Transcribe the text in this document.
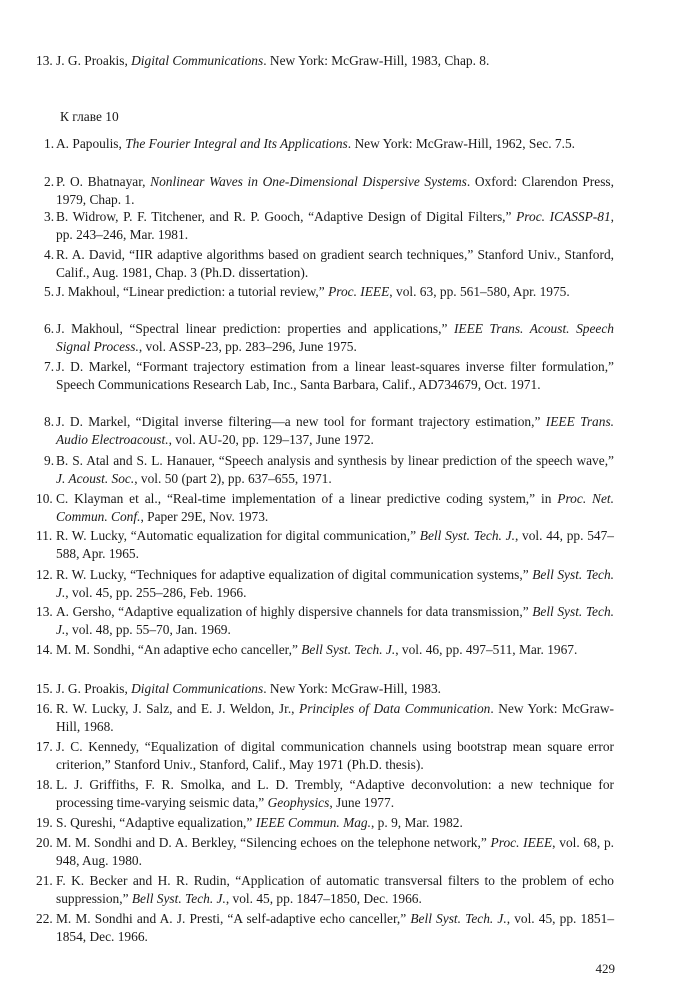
13. J. G. Proakis, Digital Communications. New York: McGraw-Hill, 1983, Chap. 8.
К главе 10
1. A. Papoulis, The Fourier Integral and Its Applications. New York: McGraw-Hill, 1962, Sec. 7.5.
2. P. O. Bhatnayar, Nonlinear Waves in One-Dimensional Dispersive Systems. Oxford: Clarendon Press, 1979, Chap. 1.
3. B. Widrow, P. F. Titchener, and R. P. Gooch, “Adaptive Design of Digital Filters,” Proc. ICASSP-81, pp. 243–246, Mar. 1981.
4. R. A. David, “IIR adaptive algorithms based on gradient search techniques,” Stanford Univ., Stanford, Calif., Aug. 1981, Chap. 3 (Ph.D. dissertation).
5. J. Makhoul, “Linear prediction: a tutorial review,” Proc. IEEE, vol. 63, pp. 561–580, Apr. 1975.
6. J. Makhoul, “Spectral linear prediction: properties and applications,” IEEE Trans. Acoust. Speech Signal Process., vol. ASSP-23, pp. 283–296, June 1975.
7. J. D. Markel, “Formant trajectory estimation from a linear least-squares inverse filter formulation,” Speech Communications Research Lab, Inc., Santa Barbara, Calif., AD734679, Oct. 1971.
8. J. D. Markel, “Digital inverse filtering—a new tool for formant trajectory estimation,” IEEE Trans. Audio Electroacoust., vol. AU-20, pp. 129–137, June 1972.
9. B. S. Atal and S. L. Hanauer, “Speech analysis and synthesis by linear prediction of the speech wave,” J. Acoust. Soc., vol. 50 (part 2), pp. 637–655, 1971.
10. C. Klayman et al., “Real-time implementation of a linear predictive coding system,” in Proc. Net. Commun. Conf., Paper 29E, Nov. 1973.
11. R. W. Lucky, “Automatic equalization for digital communication,” Bell Syst. Tech. J., vol. 44, pp. 547–588, Apr. 1965.
12. R. W. Lucky, “Techniques for adaptive equalization of digital communication systems,” Bell Syst. Tech. J., vol. 45, pp. 255–286, Feb. 1966.
13. A. Gersho, “Adaptive equalization of highly dispersive channels for data transmission,” Bell Syst. Tech. J., vol. 48, pp. 55–70, Jan. 1969.
14. M. M. Sondhi, “An adaptive echo canceller,” Bell Syst. Tech. J., vol. 46, pp. 497–511, Mar. 1967.
15. J. G. Proakis, Digital Communications. New York: McGraw-Hill, 1983.
16. R. W. Lucky, J. Salz, and E. J. Weldon, Jr., Principles of Data Communication. New York: McGraw-Hill, 1968.
17. J. C. Kennedy, “Equalization of digital communication channels using bootstrap mean square error criterion,” Stanford Univ., Stanford, Calif., May 1971 (Ph.D. thesis).
18. L. J. Griffiths, F. R. Smolka, and L. D. Trembly, “Adaptive deconvolution: a new technique for processing time-varying seismic data,” Geophysics, June 1977.
19. S. Qureshi, “Adaptive equalization,” IEEE Commun. Mag., p. 9, Mar. 1982.
20. M. M. Sondhi and D. A. Berkley, “Silencing echoes on the telephone network,” Proc. IEEE, vol. 68, p. 948, Aug. 1980.
21. F. K. Becker and H. R. Rudin, “Application of automatic transversal filters to the problem of echo suppression,” Bell Syst. Tech. J., vol. 45, pp. 1847–1850, Dec. 1966.
22. M. M. Sondhi and A. J. Presti, “A self-adaptive echo canceller,” Bell Syst. Tech. J., vol. 45, pp. 1851–1854, Dec. 1966.
429
